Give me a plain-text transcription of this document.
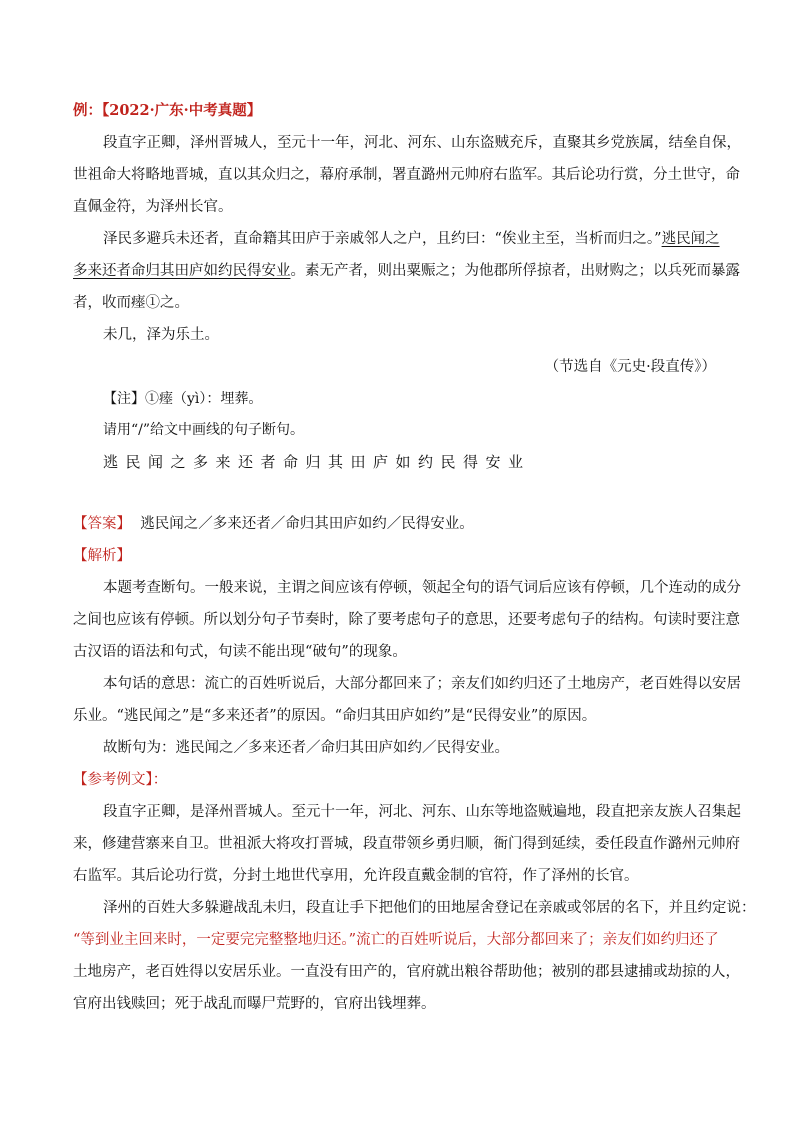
例：【2022·广东·中考真题】
段直字正卿，泽州晋城人，至元十一年，河北、河东、山东盗贼充斥，直聚其乡党族属，结垒自保，
世祖命大将略地晋城，直以其众归之，幕府承制，署直潞州元帅府右监军。其后论功行赏，分土世守，命
直佩金符，为泽州长官。
泽民多避兵未还者，直命籍其田庐于亲戚邻人之户，且约曰：“俟业主至，当析而归之。”逃民闻之
多来还者命归其田庐如约民得安业。素无产者，则出粟赈之；为他郡所俘掠者，出财购之；以兵死而暴露
者，收而瘗①之。
未几，泽为乐土。
（节选自《元史·段直传》）
【注】①瘗（yì）：埋葬。
请用“/”给文中画线的句子断句。
逃民闻之多来还者命归其田庐如约民得安业
【答案】 逃民闻之／多来还者／命归其田庐如约／民得安业。
【解析】
本题考查断句。一般来说，主谓之间应该有停顿，领起全句的语气词后应该有停顿，几个连动的成分
之间也应该有停顿。所以划分句子节奏时，除了要考虑句子的意思，还要考虑句子的结构。句读时要注意
古汉语的语法和句式，句读不能出现“破句”的现象。
本句话的意思：流亡的百姓听说后，大部分都回来了；亲友们如约归还了土地房产，老百姓得以安居
乐业。“逃民闻之”是“多来还者”的原因。“命归其田庐如约”是“民得安业”的原因。
故断句为：逃民闻之／多来还者／命归其田庐如约／民得安业。
【参考例文】：
段直字正卿，是泽州晋城人。至元十一年，河北、河东、山东等地盗贼遍地，段直把亲友族人召集起
来，修建营寨来自卫。世祖派大将攻打晋城，段直带领乡勇归顺，衙门得到延续，委任段直作潞州元帅府
右监军。其后论功行赏，分封土地世代享用，允许段直戴金制的官符，作了泽州的长官。
泽州的百姓大多躲避战乱未归，段直让手下把他们的田地屋舍登记在亲戚或邻居的名下，并且约定说：
“等到业主回来时，一定要完完整整地归还。”流亡的百姓听说后，大部分都回来了；亲友们如约归还了
土地房产，老百姓得以安居乐业。一直没有田产的，官府就出粮谷帮助他；被别的郡县逮捕或劫掠的人，
官府出钱赎回；死于战乱而曝尸荒野的，官府出钱埋葬。
